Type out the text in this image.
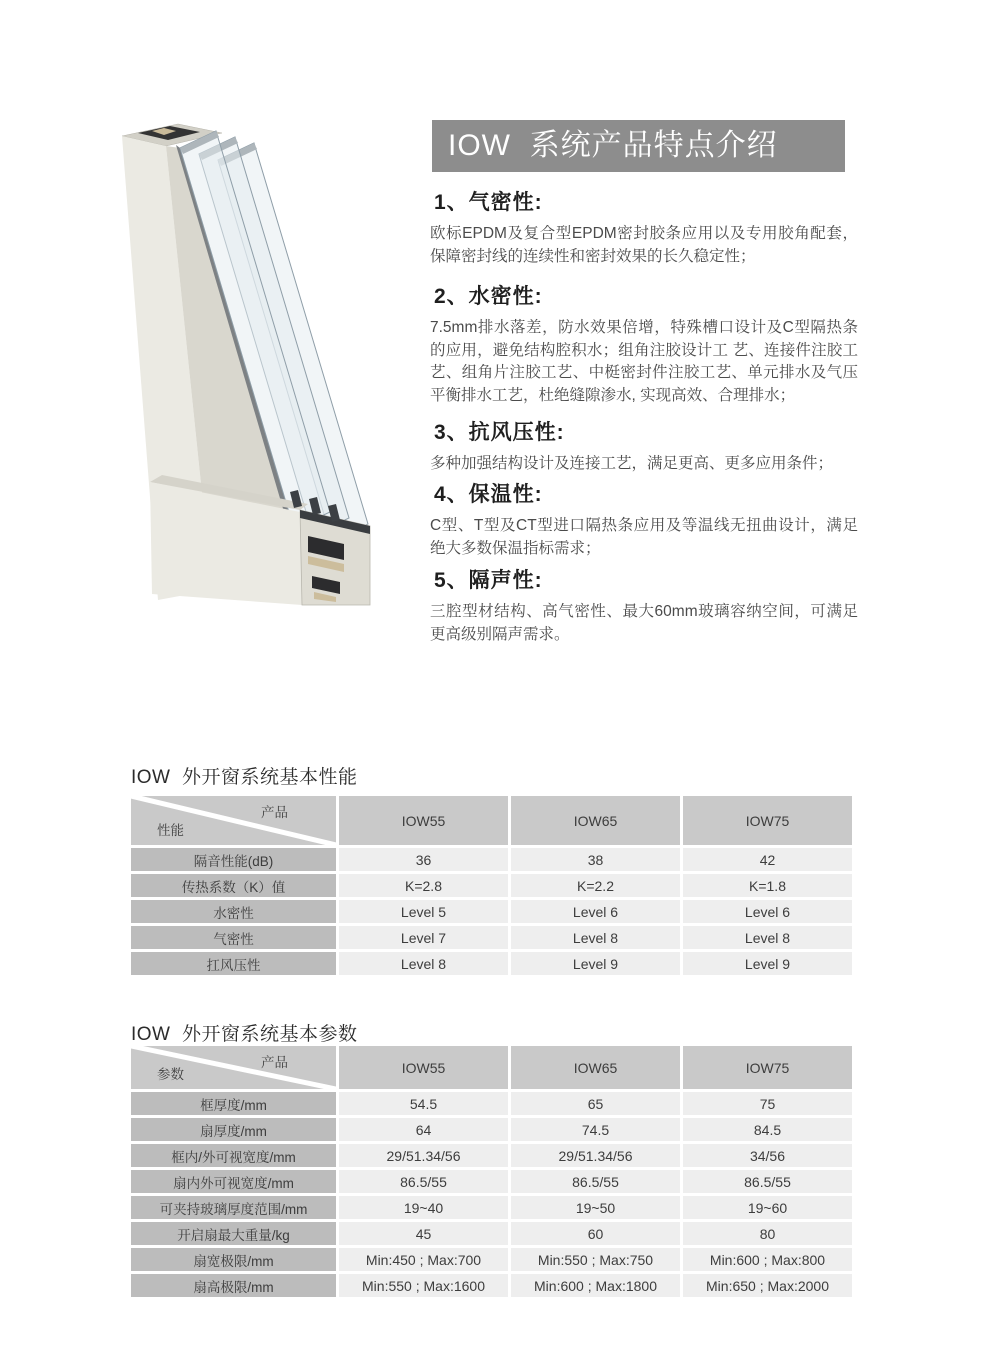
IOW  系统产品特点介绍
1、气密性:

欧标EPDM及复合型EPDM密封胶条应用以及专用胶角配套，保障密封线的连续性和密封效果的长久稳定性；

2、水密性:

7.5mm排水落差，防水效果倍增，特殊槽口设计及C型隔热条的应用，避免结构腔积水；组角注胶设计工 艺、连接件注胶工艺、组角片注胶工艺、中梃密封件注胶工艺、单元排水及气压平衡排水工艺，杜绝缝隙渗水, 实现高效、合理排水；

3、抗风压性:

多种加强结构设计及连接工艺，满足更高、更多应用条件；

4、保温性:

C型、T型及CT型进口隔热条应用及等温线无扭曲设计，满足绝大多数保温指标需求；

5、隔声性:

三腔型材结构、高气密性、最大60mm玻璃容纳空间，可满足更高级别隔声需求。

IOW  外开窗系统基本性能
产品
性能
IOW55	IOW65	IOW75
隔音性能(dB)	36	38	42
传热系数（K）值	K=2.8	K=2.2	K=1.8
水密性	Level 5	Level 6	Level 6
气密性	Level 7	Level 8	Level 8
扛风压性	Level 8	Level 9	Level 9
IOW  外开窗系统基本参数
产品
参数	IOW55	IOW65	IOW75
框厚度/mm	54.5	65	75
扇厚度/mm	64	74.5	84.5
框内/外可视宽度/mm	29/51.34/56	29/51.34/56	34/56
扇内外可视宽度/mm	86.5/55	86.5/55	86.5/55
可夹持玻璃厚度范围/mm	19~40	19~50	19~60
开启扇最大重量/kg	45	60	80
扇宽极限/mm	Min:450 ; Max:700	Min:550 ; Max:750	Min:600 ; Max:800
扇高极限/mm	Min:550 ; Max:1600	Min:600 ; Max:1800	Min:650 ; Max:2000
